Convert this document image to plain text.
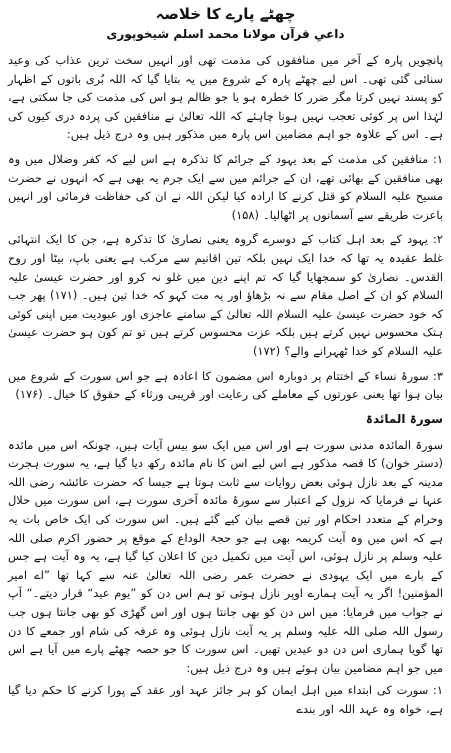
چھٹے پارے کا خلاصہ
داعیِ قرآن مولانا محمد اسلم شیخوپوری

پانچویں پارہ کے آخر میں منافقوں کی مذمت تھی اور انہیں سخت ترین عذاب کی وعید سنائی گئی تھی۔ اس لیے چھٹے پارہ کے شروع میں یہ بتایا گیا کہ اللہ بُری باتوں کے اظہار کو پسند نہیں کرتا مگر ضرر کا خطرہ ہو یا جو ظالم ہو اس کی مذمت کی جا سکتی ہے، لہٰذا اس پر کوئی تعجب نہیں ہونا چاہئے کہ اللہ تعالیٰ نے منافقین کی پردہ دری کیوں کی ہے۔ اس کے علاوہ جو اہم مضامین اس پارہ میں مذکور ہیں وہ درج ذیل ہیں:

۱: منافقین کی مذمت کے بعد یہود کے جرائم کا تذکرہ ہے اس لیے کہ کفر وضلال میں وہ بھی منافقین کے بھائی تھے، ان کے جرائم میں سے ایک جرم یہ بھی ہے کہ انہوں نے حضرت مسیح علیہ السلام کو قتل کرنے کا ارادہ کیا لیکن اللہ نے ان کی حفاظت فرمائی اور انہیں باعزت طریقے سے آسمانوں پر اٹھالیا۔ (۱۵۸)

۲: یہود کے بعد اہل کتاب کے دوسرے گروہ یعنی نصاریٰ کا تذکرہ ہے، جن کا ایک انتہائی غلط عقیدہ یہ تھا کہ خدا ایک نہیں بلکہ تین اقانیم سے مرکب ہے یعنی باپ، بیٹا اور روح القدس۔ نصاریٰ کو سمجھایا گیا کہ تم اپنے دین میں غلو نہ کرو اور حضرت عیسیٰ علیہ السلام کو ان کے اصل مقام سے نہ بڑھاؤ اور یہ مت کہو کہ خدا تین ہیں۔ (۱۷۱) پھر جب کہ خود حضرت عیسیٰ علیہ السلام اللہ تعالیٰ کے سامنے عاجزی اور عبودیت میں اپنی کوئی ہتک محسوس نہیں کرتے ہیں بلکہ عزت محسوس کرتے ہیں تو تم کون ہو حضرت عیسیٰ علیہ السلام کو خدا ٹھہرانے والے؟ (۱۷۲)

۳: سورۂ نساء کے اختتام پر دوبارہ اس مضمون کا اعادہ ہے جو اس سورت کے شروع میں بیان ہوا تھا یعنی عورتوں کے معاملے کی رعایت اور قریبی ورثاء کے حقوق کا خیال۔ (۱۷۶)

سورۃ المائدۃ

سورۃ المائدہ مدنی سورت ہے اور اس میں ایک سو بیس آیات ہیں، چونکہ اس میں مائدہ (دستر خوان) کا قصہ مذکور ہے اس لیے اس کا نام مائدہ رکھ دیا گیا ہے، یہ سورت ہجرت مدینہ کے بعد نازل ہوئی بعض روایات سے ثابت ہوتا ہے جیسا کہ حضرت عائشہ رضی اللہ عنہا نے فرمایا کہ نزول کے اعتبار سے سورۂ مائدہ آخری سورت ہے، اس سورت میں حلال وحرام کے متعدد احکام اور تین قصے بیان کیے گئے ہیں۔ اس سورت کی ایک خاص بات یہ ہے کہ اس میں وہ آیت کریمہ بھی ہے جو حجۃ الوداع کے موقع پر حضور اکرم صلی اللہ علیہ وسلم پر نازل ہوئی، اس آیت میں تکمیل دین کا اعلان کیا گیا ہے، یہ وہ آیت ہے جس کے بارے میں ایک یہودی نے حضرت عمر رضی اللہ تعالیٰ عنہ سے کہا تھا ”اے امیر المؤمنین! اگر یہ آیت ہمارے اوپر نازل ہوتی تو ہم اس دن کو ”یوم عید“ قرار دیتے۔“ آپ نے جواب میں فرمایا: میں اس دن کو بھی جانتا ہوں اور اس گھڑی کو بھی جانتا ہوں جب رسول اللہ صلی اللہ علیہ وسلم پر یہ آیت نازل ہوئی وہ عرفہ کی شام اور جمعے کا دن تھا گویا ہماری اس دن دو عیدیں تھیں۔ اس سورت کا جو حصہ چھٹے پارے میں آیا ہے اس میں جو اہم مضامین بیان ہوئے ہیں وہ درج ذیل ہیں:

۱: سورت کی ابتداء میں اہل ایمان کو ہر جائز عہد اور عقد کے پورا کرنے کا حکم دیا گیا ہے، خواہ وہ عہد اللہ اور بندے
